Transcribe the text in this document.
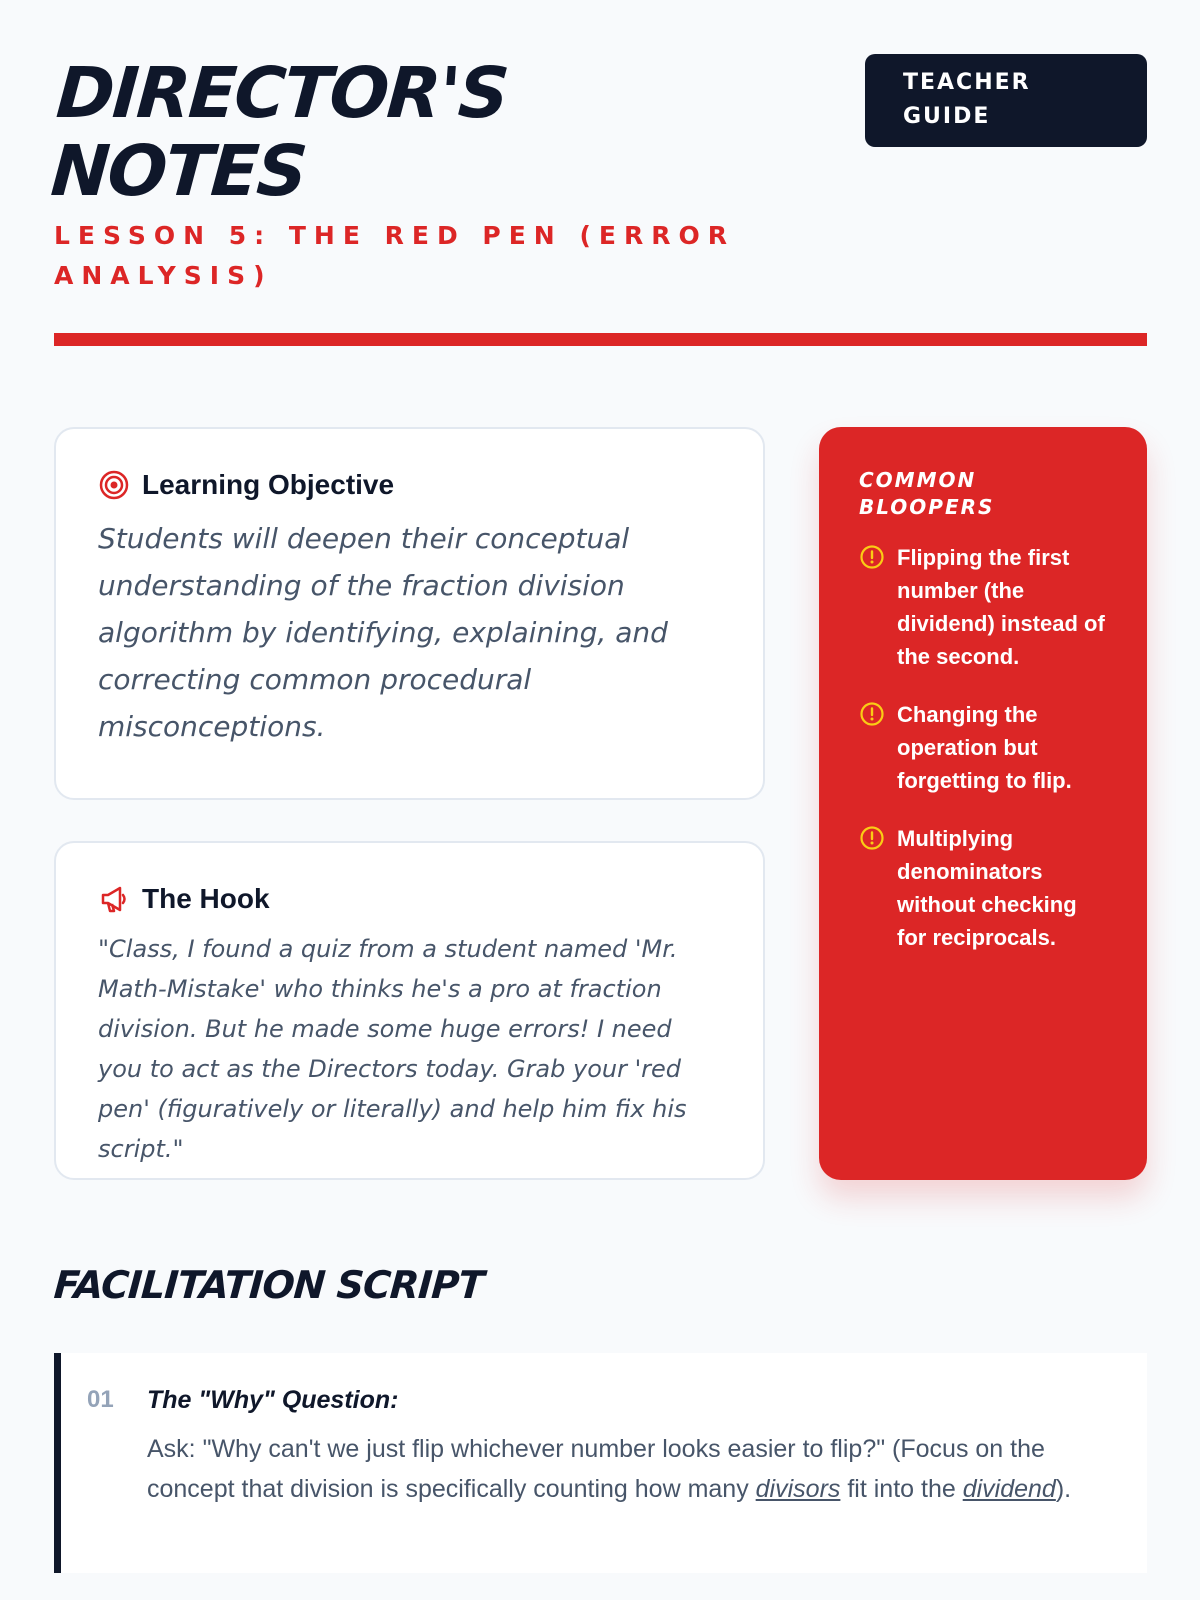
DIRECTOR'S NOTES
LESSON 5: THE RED PEN (ERROR ANALYSIS)
TEACHER GUIDE
Learning Objective

Students will deepen their conceptual understanding of the fraction division algorithm by identifying, explaining, and correcting common procedural misconceptions.

The Hook

"Class, I found a quiz from a student named 'Mr. Math-Mistake' who thinks he's a pro at fraction division. But he made some huge errors! I need you to act as the Directors today. Grab your 'red pen' (figuratively or literally) and help him fix his script."

COMMON BLOOPERS

Flipping the first number (the dividend) instead of the second.

Changing the operation but forgetting to flip.

Multiplying denominators without checking for reciprocals.

FACILITATION SCRIPT
01 The "Why" Question:

Ask: "Why can't we just flip whichever number looks easier to flip?" (Focus on the concept that division is specifically counting how many divisors fit into the dividend).
